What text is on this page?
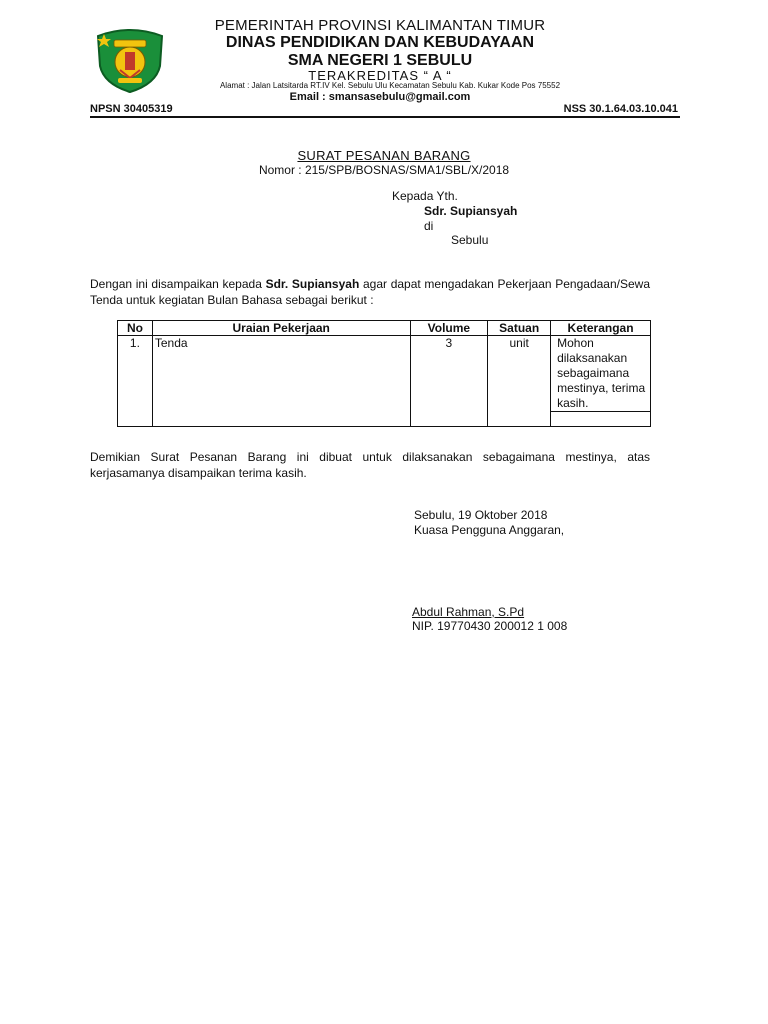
PEMERINTAH PROVINSI KALIMANTAN TIMUR
DINAS PENDIDIKAN DAN KEBUDAYAAN
SMA NEGERI 1 SEBULU
TERAKREDITAS “ A “
Alamat : Jalan Latsitarda RT.IV Kel. Sebulu Ulu Kecamatan Sebulu Kab. Kukar Kode Pos 75552
Email : smansasebulu@gmail.com
NPSN 30405319	NSS 30.1.64.03.10.041
SURAT PESANAN BARANG
Nomor : 215/SPB/BOSNAS/SMA1/SBL/X/2018
Kepada Yth.
Sdr. Supiansyah
di
Sebulu
Dengan ini disampaikan kepada Sdr. Supiansyah agar dapat mengadakan Pekerjaan Pengadaan/Sewa Tenda untuk kegiatan Bulan Bahasa sebagai berikut :
No	Uraian Pekerjaan	Volume	Satuan	Keterangan
1.	Tenda	3	unit	Mohon dilaksanakan sebagaimana mestinya, terima kasih.

Demikian Surat Pesanan Barang ini dibuat untuk dilaksanakan sebagaimana mestinya, atas kerjasamanya disampaikan terima kasih.
Sebulu, 19 Oktober 2018
Kuasa Pengguna Anggaran,
Abdul Rahman, S.Pd
NIP. 19770430 200012 1 008
